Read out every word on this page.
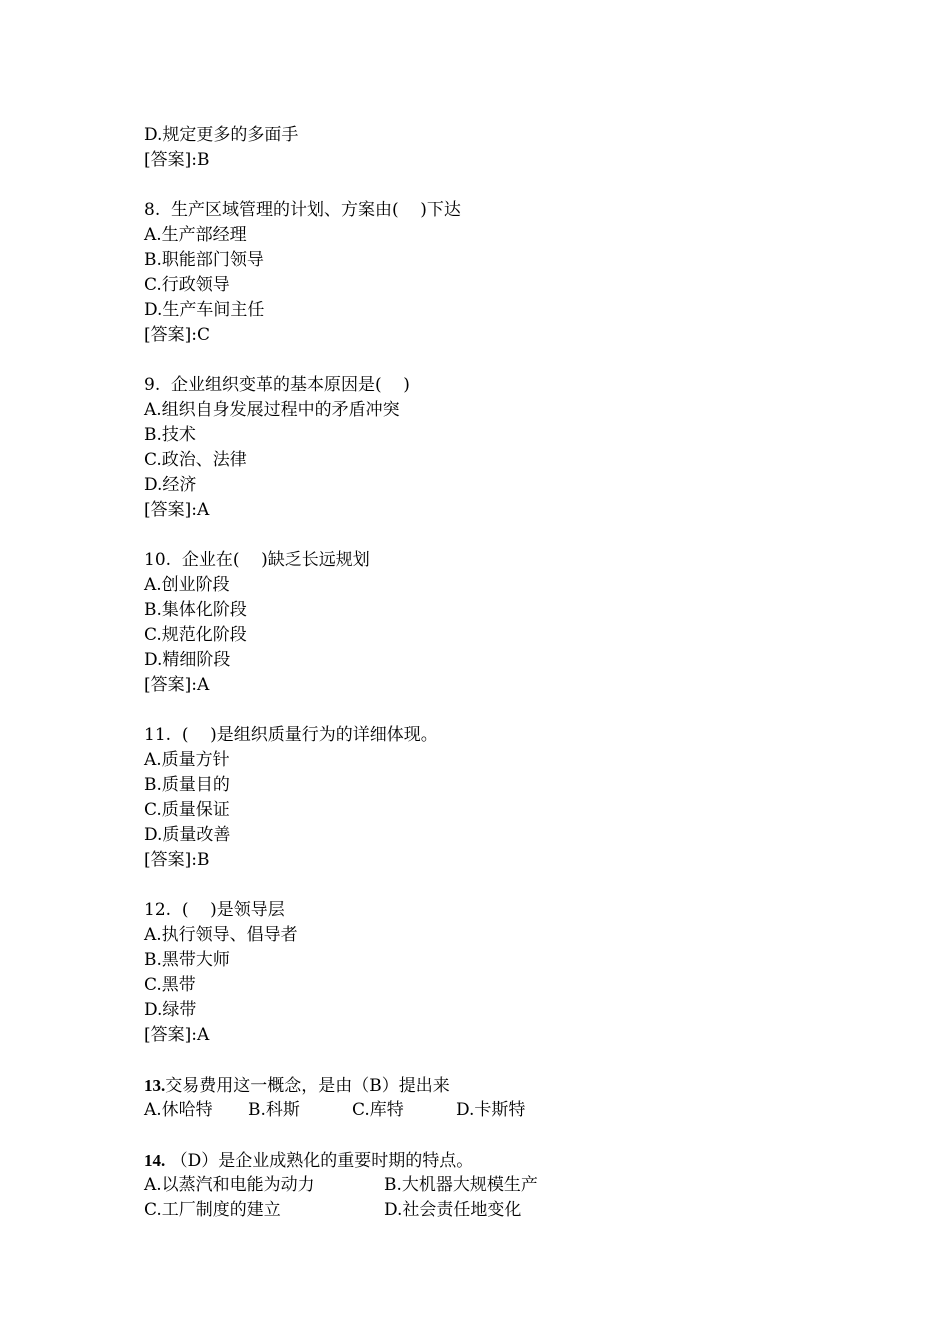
D.规定更多的多面手
[答案]:B
8.  生产区域管理的计划、方案由(    )下达
A.生产部经理
B.职能部门领导
C.行政领导
D.生产车间主任
[答案]:C
9.  企业组织变革的基本原因是(    )
A.组织自身发展过程中的矛盾冲突
B.技术
C.政治、法律
D.经济
[答案]:A
10.  企业在(    )缺乏长远规划
A.创业阶段
B.集体化阶段
C.规范化阶段
D.精细阶段
[答案]:A
11.  (    )是组织质量行为的详细体现。
A.质量方针
B.质量目的
C.质量保证
D.质量改善
[答案]:B
12.  (    )是领导层
A.执行领导、倡导者
B.黑带大师
C.黑带
D.绿带
[答案]:A
13.交易费用这一概念，是由（B）提出来
A.休哈特	B.科斯	C.库特	D.卡斯特
14. （D）是企业成熟化的重要时期的特点。
A.以蒸汽和电能为动力	B.大机器大规模生产
C.工厂制度的建立	D.社会责任地变化
